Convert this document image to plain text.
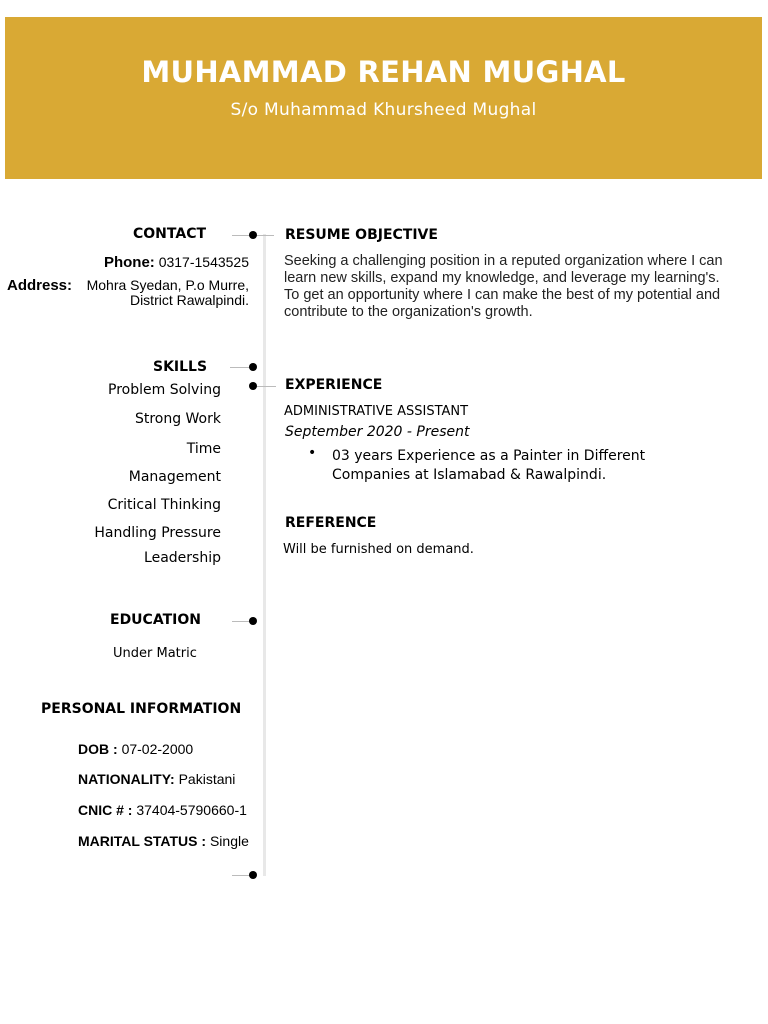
MUHAMMAD REHAN MUGHAL
S/o Muhammad Khursheed Mughal
CONTACT
Phone: 0317-1543525
Address: Mohra Syedan, P.o Murre,
District Rawalpindi.
SKILLS
Problem Solving
Strong Work
Time
Management
Critical Thinking
Handling Pressure
Leadership
EDUCATION
Under Matric
PERSONAL INFORMATION
DOB : 07-02-2000
NATIONALITY: Pakistani
CNIC # : 37404-5790660-1
MARITAL STATUS : Single
RESUME OBJECTIVE

Seeking a challenging position in a reputed organization where I can learn new skills, expand my knowledge, and leverage my learning's.

To get an opportunity where I can make the best of my potential and contribute to the organization's growth.

EXPERIENCE
ADMINISTRATIVE ASSISTANT
September 2020 - Present
• 03 years Experience as a Painter in Different Companies at Islamabad & Rawalpindi.
REFERENCE
Will be furnished on demand.
